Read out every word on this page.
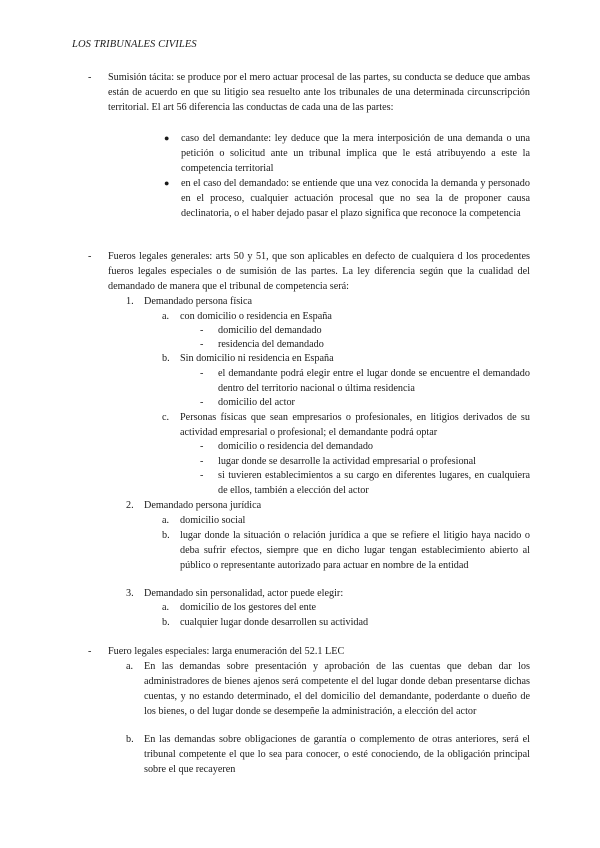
LOS TRIBUNALES CIVILES
- Sumisión tácita: se produce por el mero actuar procesal de las partes, su conducta se deduce que ambas están de acuerdo en que su litigio sea resuelto ante los tribunales de una determinada circunscripción territorial. El art 56 diferencia las conductas de cada una de las partes:
● caso del demandante: ley deduce que la mera interposición de una demanda o una petición o solicitud ante un tribunal implica que le está atribuyendo a este la competencia territorial
● en el caso del demandado: se entiende que una vez conocida la demanda y personado en el proceso, cualquier actuación procesal que no sea la de proponer causa declinatoria, o el haber dejado pasar el plazo significa que reconoce la competencia
- Fueros legales generales: arts 50 y 51, que son aplicables en defecto de cualquiera d los procedentes fueros legales especiales o de sumisión de las partes. La ley diferencia según que la cualidad del demandado de manera que el tribunal de competencia será:
1. Demandado persona física
a. con domicilio o residencia en España
- domicilio del demandado
- residencia del demandado
b. Sin domicilio ni residencia en España
- el demandante podrá elegir entre el lugar donde se encuentre el demandado dentro del territorio nacional o última residencia
- domicilio del actor
c. Personas físicas que sean empresarios o profesionales, en litigios derivados de su actividad empresarial o profesional; el demandante podrá optar
- domicilio o residencia del demandado
- lugar donde se desarrolle la actividad empresarial o profesional
- si tuvieren establecimientos a su cargo en diferentes lugares, en cualquiera de ellos, también a elección del actor
2. Demandado persona jurídica
a. domicilio social
b. lugar donde la situación o relación jurídica a que se refiere el litigio haya nacido o deba sufrir efectos, siempre que en dicho lugar tengan establecimiento abierto al público o representante autorizado para actuar en nombre de la entidad
3. Demandado sin personalidad, actor puede elegir:
a. domicilio de los gestores del ente
b. cualquier lugar donde desarrollen su actividad
- Fuero legales especiales: larga enumeración del 52.1 LEC
a. En las demandas sobre presentación y aprobación de las cuentas que deban dar los administradores de bienes ajenos será competente el del lugar donde deban presentarse dichas cuentas, y no estando determinado, el del domicilio del demandante, poderdante o dueño de los bienes, o del lugar donde se desempeñe la administración, a elección del actor
b. En las demandas sobre obligaciones de garantía o complemento de otras anteriores, será el tribunal competente el que lo sea para conocer, o esté conociendo, de la obligación principal sobre el que recayeren
